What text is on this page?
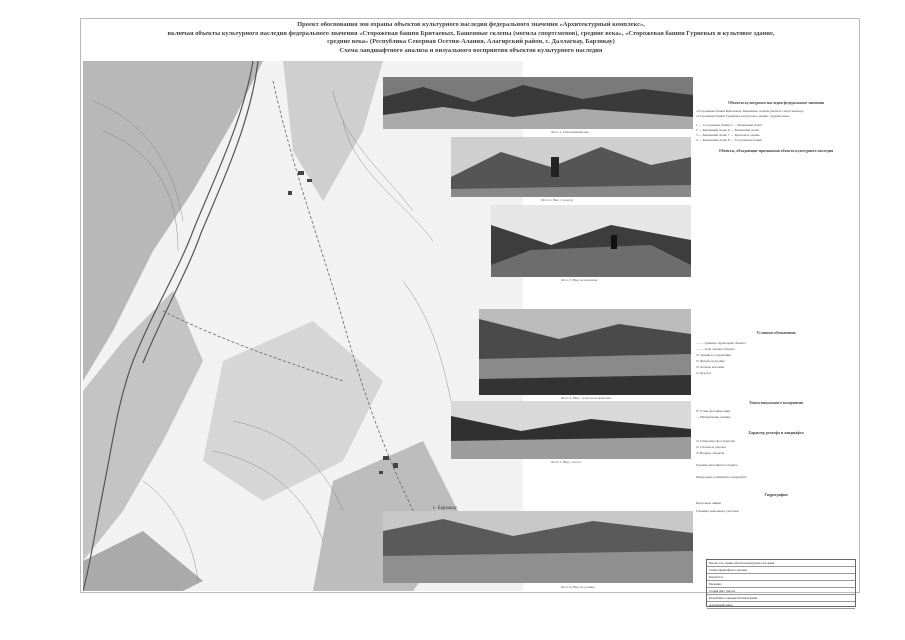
Проект обоснования зон охраны объектов культурного наследия федерального значения «Архитектурный комплекс»,
включая объекты культурного наследия федерального значения «Сторожевая башня Бритаевых, Башенные склепы (могила спортсменов), средние века», «Сторожевая башня Гуриевых и культовое здание,
средние века» (Республика Северная Осетия-Алания, Алагирский район, с. Даллагкау, Барзикау)
Схема ландшафтного анализа и визуального восприятия объектов культурного наследия
с. Барзикау
Фото 1. Панорамный вид
Фото 2. Вид с дороги
Фото 3. Вид на комплекс
Фото 4. Вид с дороги на комплекс
Фото 5. Вид с моста
Фото 6. Вид на долину
Объекты культурного наследия федерального значения
«Сторожевая башня Бритаевых, Башенные склепы (могила спортсменов)»
«Сторожевая башня Гуриевых и культовое здание, средние века»
1 — Сторожевая башня 5 — Башенный склеп
2 — Башенный склеп 6 — Башенный склеп
3 — Башенный склеп 7 — Культовое здание
4 — Башенный склеп 8 — Сторожевая башня
Объекты, обладающие признаками объекта культурного наследия
Условные обозначения
— — Граница территории объекта
— — Зона охраны объекта
▭ Здания и сооружения
▭ Жилая застройка
▭ Лесные массивы
▭ Дороги
Точки визуального восприятия
⊙ Точки фотофиксации
→ Направление съёмки
Характер рельефа и ландшафта
▭ Открытые пространства
▭ Склоны и ущелья
▭ Водные объекты
Граница населённого пункта
Природные доминанты ландшафта
Гидрография
Береговые линии
Границы земельных участков
Проект зон охраны объектов культурного наследия
Схема ландшафтного анализа
Разработал
Проверил
Стадия Лист Листов
Республика Северная Осетия-Алания
Алагирский район
